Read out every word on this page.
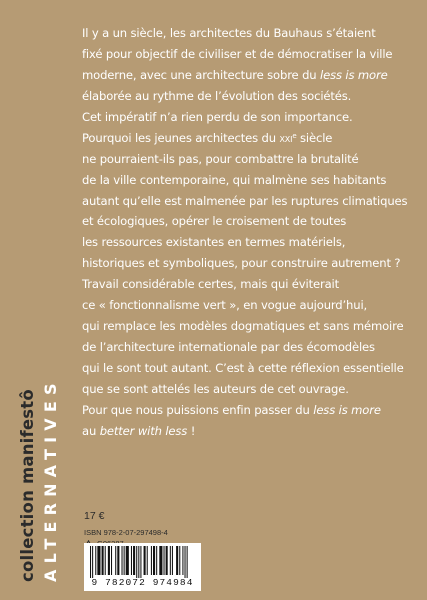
Il y a un siècle, les architectes du Bauhaus s’étaient
fixé pour objectif de civiliser et de démocratiser la ville
moderne, avec une architecture sobre du less is more
élaborée au rythme de l’évolution des sociétés.
Cet impératif n’a rien perdu de son importance.
Pourquoi les jeunes architectes du xxi$^e$ siècle
ne pourraient-ils pas, pour combattre la brutalité
de la ville contemporaine, qui malmène ses habitants
autant qu’elle est malmenée par les ruptures climatiques
et écologiques, opérer le croisement de toutes
les ressources existantes en termes matériels,
historiques et symboliques, pour construire autrement ?
Travail considérable certes, mais qui éviterait
ce « fonctionnalisme vert », en vogue aujourd’hui,
qui remplace les modèles dogmatiques et sans mémoire
de l’architecture internationale par des écomodèles
qui le sont tout autant. C’est à cette réflexion essentielle
que se sont attelés les auteurs de cet ouvrage.
Pour que nous puissions enfin passer du less is more
au better with less !
collection manifestô ALTERNATIVES 17 €
ISBN 978-2-07-297498-4
9 782072 974984
